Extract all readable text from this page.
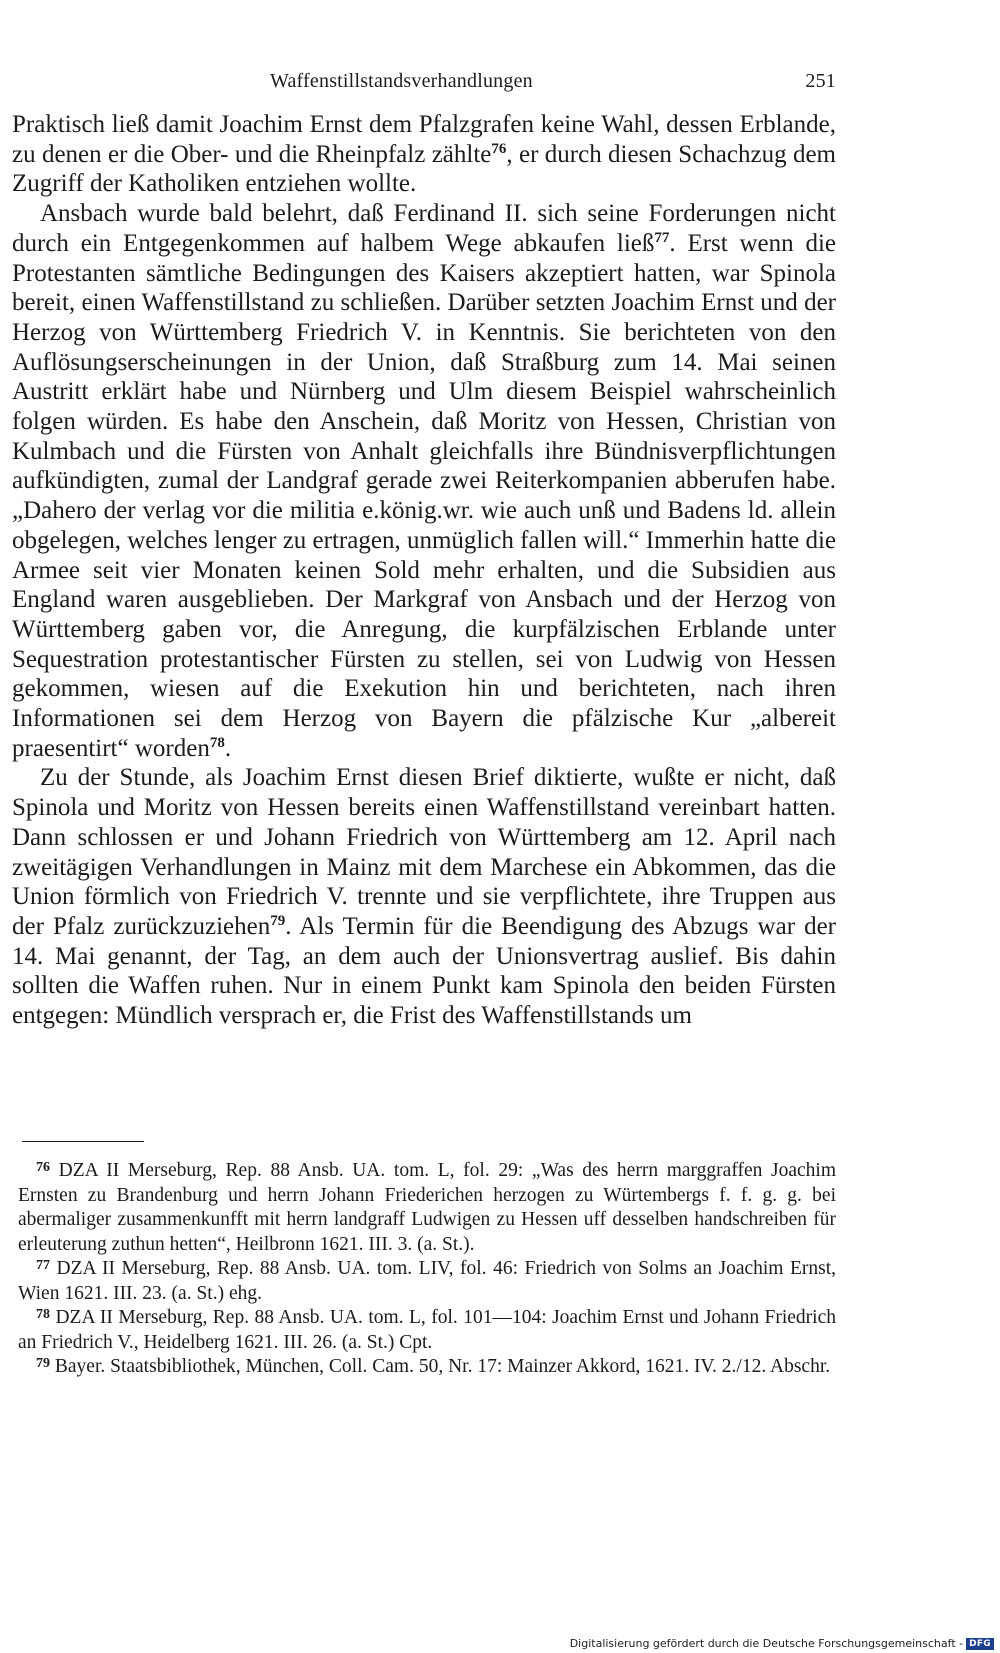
Waffenstillstandsverhandlungen	251

Praktisch ließ damit Joachim Ernst dem Pfalzgrafen keine Wahl, dessen Erblande, zu denen er die Ober- und die Rheinpfalz zählte$^{76}$, er durch diesen Schachzug dem Zugriff der Katholiken entziehen wollte.

Ansbach wurde bald belehrt, daß Ferdinand II. sich seine Forderungen nicht durch ein Entgegenkommen auf halbem Wege abkaufen ließ$^{77}$. Erst wenn die Protestanten sämtliche Bedingungen des Kaisers akzeptiert hatten, war Spinola bereit, einen Waffenstillstand zu schließen. Darüber setzten Joachim Ernst und der Herzog von Württemberg Friedrich V. in Kenntnis. Sie berichteten von den Auflösungserscheinungen in der Union, daß Straßburg zum 14. Mai seinen Austritt erklärt habe und Nürnberg und Ulm diesem Beispiel wahrscheinlich folgen würden. Es habe den Anschein, daß Moritz von Hessen, Christian von Kulmbach und die Fürsten von Anhalt gleichfalls ihre Bündnisverpflichtungen aufkündigten, zumal der Landgraf gerade zwei Reiterkompanien abberufen habe. „Dahero der verlag vor die militia e.könig.wr. wie auch unß und Badens ld. allein obgelegen, welches lenger zu ertragen, unmüglich fallen will.“ Immerhin hatte die Armee seit vier Monaten keinen Sold mehr erhalten, und die Subsidien aus England waren ausgeblieben. Der Markgraf von Ansbach und der Herzog von Württemberg gaben vor, die Anregung, die kurpfälzischen Erblande unter Sequestration protestantischer Fürsten zu stellen, sei von Ludwig von Hessen gekommen, wiesen auf die Exekution hin und berichteten, nach ihren Informationen sei dem Herzog von Bayern die pfälzische Kur „albereit praesentirt“ worden$^{78}$.

Zu der Stunde, als Joachim Ernst diesen Brief diktierte, wußte er nicht, daß Spinola und Moritz von Hessen bereits einen Waffenstillstand vereinbart hatten. Dann schlossen er und Johann Friedrich von Württemberg am 12. April nach zweitägigen Verhandlungen in Mainz mit dem Marchese ein Abkommen, das die Union förmlich von Friedrich V. trennte und sie verpflichtete, ihre Truppen aus der Pfalz zurückzuziehen$^{79}$. Als Termin für die Beendigung des Abzugs war der 14. Mai genannt, der Tag, an dem auch der Unionsvertrag auslief. Bis dahin sollten die Waffen ruhen. Nur in einem Punkt kam Spinola den beiden Fürsten entgegen: Mündlich versprach er, die Frist des Waffenstillstands um

$^{76}$ DZA II Merseburg, Rep. 88 Ansb. UA. tom. L, fol. 29: „Was des herrn marggraffen Joachim Ernsten zu Brandenburg und herrn Johann Friederichen herzogen zu Würtembergs f. f. g. g. bei abermaliger zusammenkunfft mit herrn landgraff Ludwigen zu Hessen uff desselben handschreiben für erleuterung zuthun hetten“, Heilbronn 1621. III. 3. (a. St.).

$^{77}$ DZA II Merseburg, Rep. 88 Ansb. UA. tom. LIV, fol. 46: Friedrich von Solms an Joachim Ernst, Wien 1621. III. 23. (a. St.) ehg.

$^{78}$ DZA II Merseburg, Rep. 88 Ansb. UA. tom. L, fol. 101—104: Joachim Ernst und Johann Friedrich an Friedrich V., Heidelberg 1621. III. 26. (a. St.) Cpt.

$^{79}$ Bayer. Staatsbibliothek, München, Coll. Cam. 50, Nr. 17: Mainzer Akkord, 1621. IV. 2./12. Abschr.

Digitalisierung gefördert durch die Deutsche Forschungsgemeinschaft - DFG
